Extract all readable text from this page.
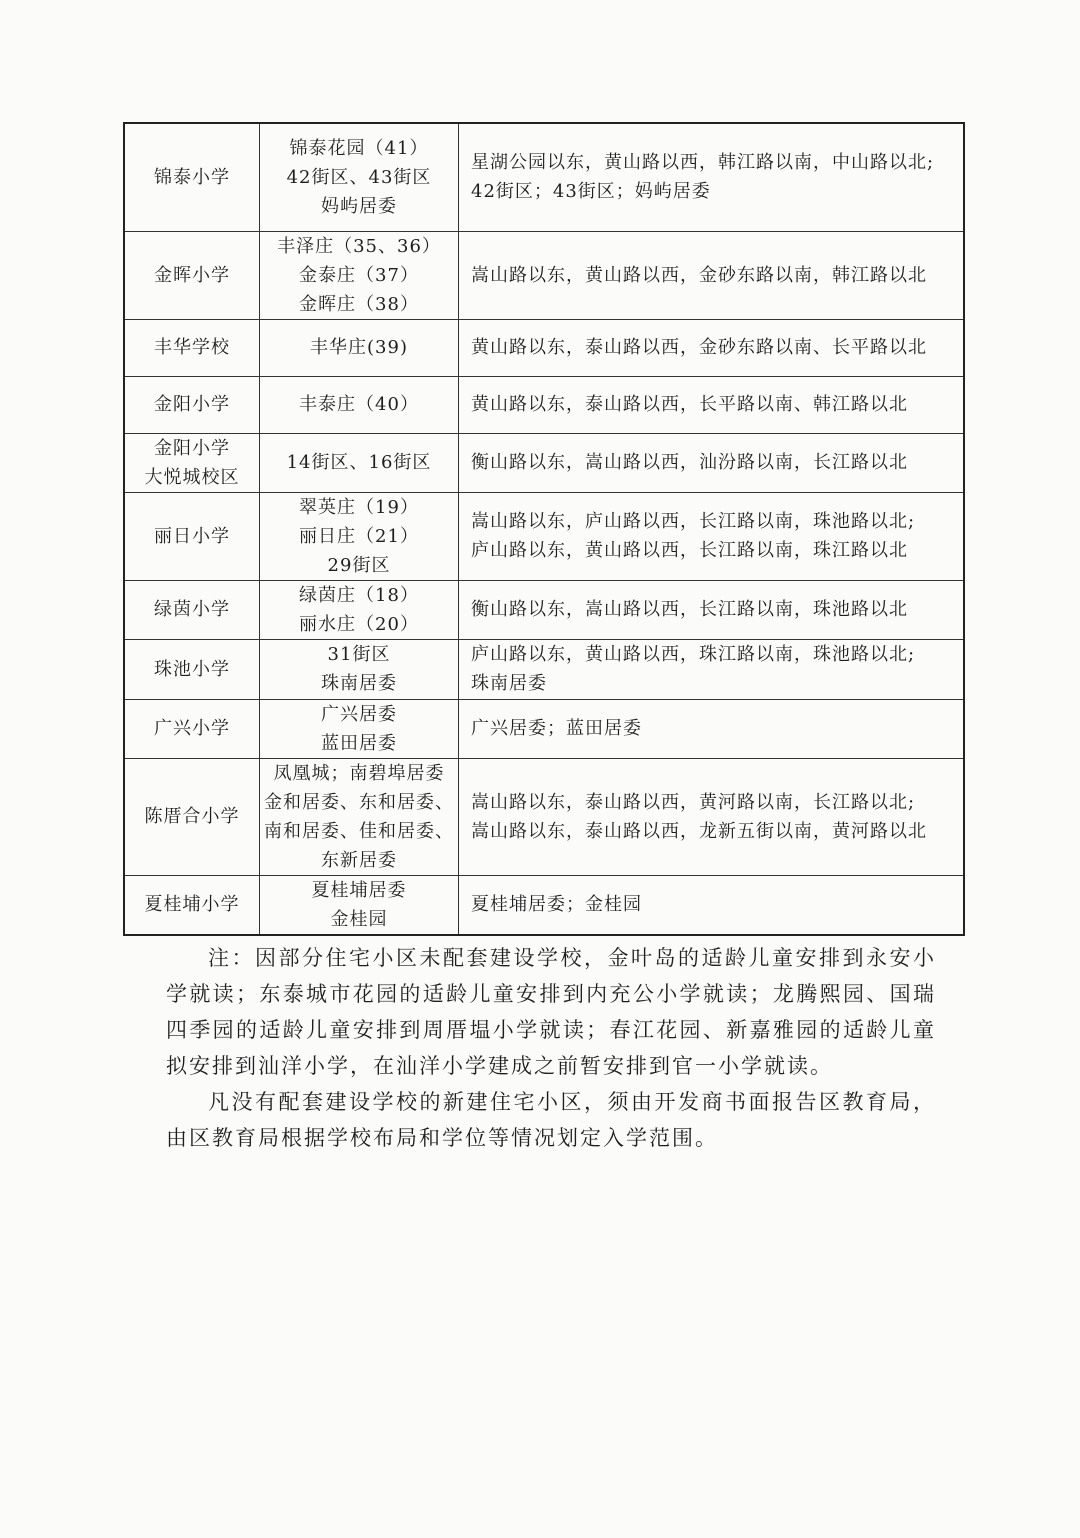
锦泰小学	锦泰花园（41）
42街区、43街区
妈屿居委	星湖公园以东，黄山路以西，韩江路以南，中山路以北;
42街区；43街区；妈屿居委

金晖小学	丰泽庄（35、36）
金泰庄（37）
金晖庄（38）	嵩山路以东，黄山路以西，金砂东路以南，韩江路以北

丰华学校	丰华庄(39)	黄山路以东，泰山路以西，金砂东路以南、长平路以北

金阳小学	丰泰庄（40）	黄山路以东，泰山路以西，长平路以南、韩江路以北

金阳小学
大悦城校区	14街区、16街区	衡山路以东，嵩山路以西，汕汾路以南，长江路以北

丽日小学	翠英庄（19）
丽日庄（21）
29街区	嵩山路以东，庐山路以西，长江路以南，珠池路以北;
庐山路以东，黄山路以西，长江路以南，珠江路以北

绿茵小学	绿茵庄（18）
丽水庄（20）	衡山路以东，嵩山路以西，长江路以南，珠池路以北

珠池小学	31街区
珠南居委	庐山路以东，黄山路以西，珠江路以南，珠池路以北;
珠南居委

广兴小学	广兴居委
蓝田居委	广兴居委；蓝田居委

陈厝合小学	凤凰城；南碧埠居委
金和居委、东和居委、
南和居委、佳和居委、
东新居委	嵩山路以东，泰山路以西，黄河路以南，长江路以北;
嵩山路以东，泰山路以西，龙新五街以南，黄河路以北

夏桂埔小学	夏桂埔居委
金桂园	夏桂埔居委；金桂园

注：因部分住宅小区未配套建设学校，金叶岛的适龄儿童安排到永安小学就读；东泰城市花园的适龄儿童安排到内充公小学就读；龙腾熙园、国瑞四季园的适龄儿童安排到周厝塭小学就读；春江花园、新嘉雅园的适龄儿童拟安排到汕洋小学，在汕洋小学建成之前暂安排到官一小学就读。

凡没有配套建设学校的新建住宅小区，须由开发商书面报告区教育局，由区教育局根据学校布局和学位等情况划定入学范围。
